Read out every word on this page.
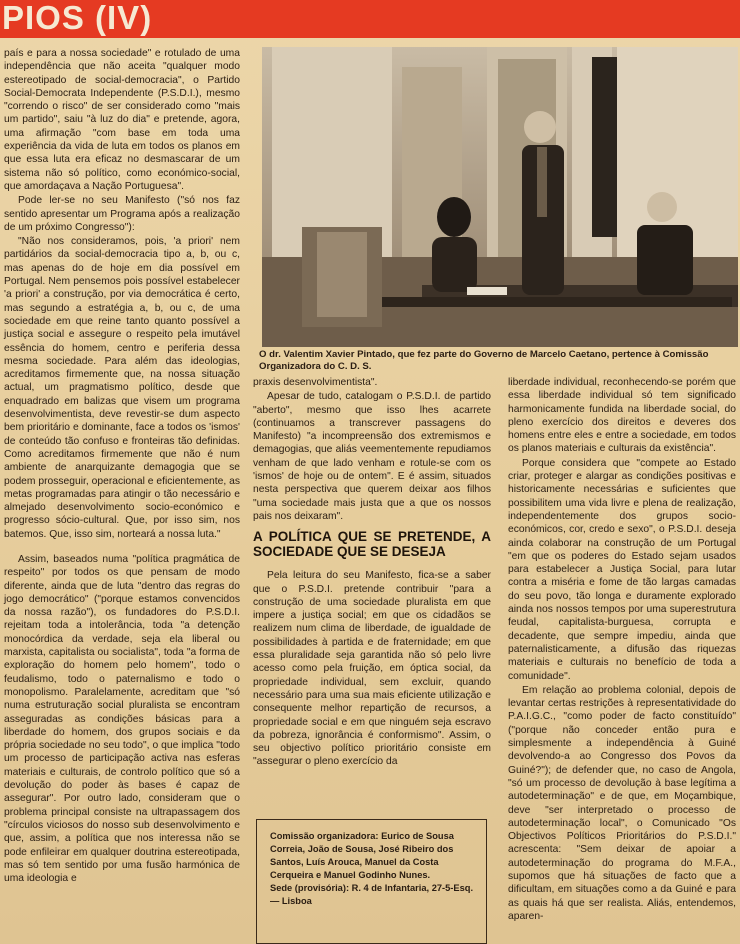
PIOS (IV)

país e para a nossa sociedade" e rotulado de uma independência que não aceita "qualquer modo estereotipado de social-democracia", o Partido Social-Democrata Independente (P.S.D.I.), mesmo "correndo o risco" de ser considerado como "mais um partido", saiu "à luz do dia" e pretende, agora, uma afirmação "com base em toda uma experiência da vida de luta em todos os planos em que essa luta era eficaz no desmascarar de um sistema não só político, como económico-social, que amordaçava a Nação Portuguesa".

Pode ler-se no seu Manifesto ("só nos faz sentido apresentar um Programa após a realização de um próximo Congresso"):

"Não nos consideramos, pois, 'a priori' nem partidários da social-democracia tipo a, b, ou c, mas apenas do de hoje em dia possível em Portugal. Nem pensemos pois possível estabelecer 'a priori' a construção, por via democrática é certo, mas segundo a estratégia a, b, ou c, de uma sociedade em que reine tanto quanto possível a justiça social e assegure o respeito pela imutável essência do homem, centro e periferia dessa mesma sociedade. Para além das ideologias, acreditamos firmemente que, na nossa situação actual, um pragmatismo político, desde que enquadrado em balizas que visem um programa desenvolvimentista, deve revestir-se dum aspecto bem prioritário e dominante, face a todos os 'ismos' de conteúdo tão confuso e fronteiras tão definidas. Como acreditamos firmemente que não é num ambiente de anarquizante demagogia que se podem prosseguir, operacional e eficientemente, as metas programadas para atingir o tão necessário e almejado desenvolvimento socio-económico e progresso sócio-cultural. Que, por isso sim, nos batemos. Que, isso sim, norteará a nossa luta."

Assim, baseados numa "política pragmática de respeito" por todos os que pensam de modo diferente, ainda que de luta "dentro das regras do jogo democrático" ("porque estamos convencidos da nossa razão"), os fundadores do P.S.D.I. rejeitam toda a intolerância, toda "a detenção monocórdica da verdade, seja ela liberal ou marxista, capitalista ou socialista", toda "a forma de exploração do homem pelo homem", todo o feudalismo, todo o paternalismo e todo o monopolismo. Paralelamente, acreditam que "só numa estruturação social pluralista se encontram asseguradas as condições básicas para a liberdade do homem, dos grupos sociais e da própria sociedade no seu todo", o que implica "todo um processo de participação activa nas esferas materiais e culturais, de controlo político que só a devolução do poder às bases é capaz de assegurar". Por outro lado, consideram que o problema principal consiste na ultrapassagem dos "círculos viciosos do nosso sub desenvolvimento e que, assim, a política que nos interessa não se pode enfileirar em qualquer doutrina estereotipada, mas só tem sentido por uma fusão harmónica de uma ideologia e

O dr. Valentim Xavier Pintado, que fez parte do Governo de Marcelo Caetano, pertence à Comissão Organizadora do C. D. S.

praxis desenvolvimentista".

Apesar de tudo, catalogam o P.S.D.I. de partido "aberto", mesmo que isso lhes acarrete (continuamos a transcrever passagens do Manifesto) "a incompreensão dos extremismos e demagogias, que aliás veementemente repudiamos venham de que lado venham e rotule-se com os 'ismos' de hoje ou de ontem". E é assim, situados nesta perspectiva que querem deixar aos filhos "uma sociedade mais justa que a que os nossos pais nos deixaram".

A POLÍTICA QUE SE PRETENDE, A SOCIEDADE QUE SE DESEJA

Pela leitura do seu Manifesto, fica-se a saber que o P.S.D.I. pretende contribuir "para a construção de uma sociedade pluralista em que impere a justiça social; em que os cidadãos se realizem num clima de liberdade, de igualdade de possibilidades à partida e de fraternidade; em que essa pluralidade seja garantida não só pelo livre acesso como pela fruição, em óptica social, da propriedade individual, sem excluir, quando necessário para uma sua mais eficiente utilização e consequente melhor repartição de recursos, a propriedade social e em que ninguém seja escravo da pobreza, ignorância é conformismo". Assim, o seu objectivo político prioritário consiste em "assegurar o pleno exercício da

Comissão organizadora: Eurico de Sousa Correia, João de Sousa, José Ribeiro dos Santos, Luís Arouca, Manuel da Costa Cerqueira e Manuel Godinho Nunes.

Sede (provisória): R. 4 de Infantaria, 27-5-Esq. — Lisboa

liberdade individual, reconhecendo-se porém que essa liberdade individual só tem significado harmonicamente fundida na liberdade social, do pleno exercício dos direitos e deveres dos homens entre eles e entre a sociedade, em todos os planos materiais e culturais da existência".

Porque considera que "compete ao Estado criar, proteger e alargar as condições positivas e historicamente necessárias e suficientes que possibilitem uma vida livre e plena de realização, independentemente dos grupos socio-económicos, cor, credo e sexo", o P.S.D.I. deseja ainda colaborar na construção de um Portugal "em que os poderes do Estado sejam usados para estabelecer a Justiça Social, para lutar contra a miséria e fome de tão largas camadas do seu povo, tão longa e duramente explorado ainda nos nossos tempos por uma superestrutura feudal, capitalista-burguesa, corrupta e decadente, que sempre impediu, ainda que paternalisticamente, a difusão das riquezas materiais e culturais no benefício de toda a comunidade".

Em relação ao problema colonial, depois de levantar certas restrições à representatividade do P.A.I.G.C., "como poder de facto constituído" ("porque não conceder então pura e simplesmente a independência à Guiné devolvendo-a ao Congresso dos Povos da Guiné?"); de defender que, no caso de Angola, "só um processo de devolução à base legítima a autodeterminação" e de que, em Moçambique, deve "ser interpretado o processo de autodeterminação local", o Comunicado "Os Objectivos Políticos Prioritários do P.S.D.I." acrescenta: "Sem deixar de apoiar a autodeterminação do programa do M.F.A., supomos que há situações de facto que a dificultam, em situações como a da Guiné e para as quais há que ser realista. Aliás, entendemos, aparen-
